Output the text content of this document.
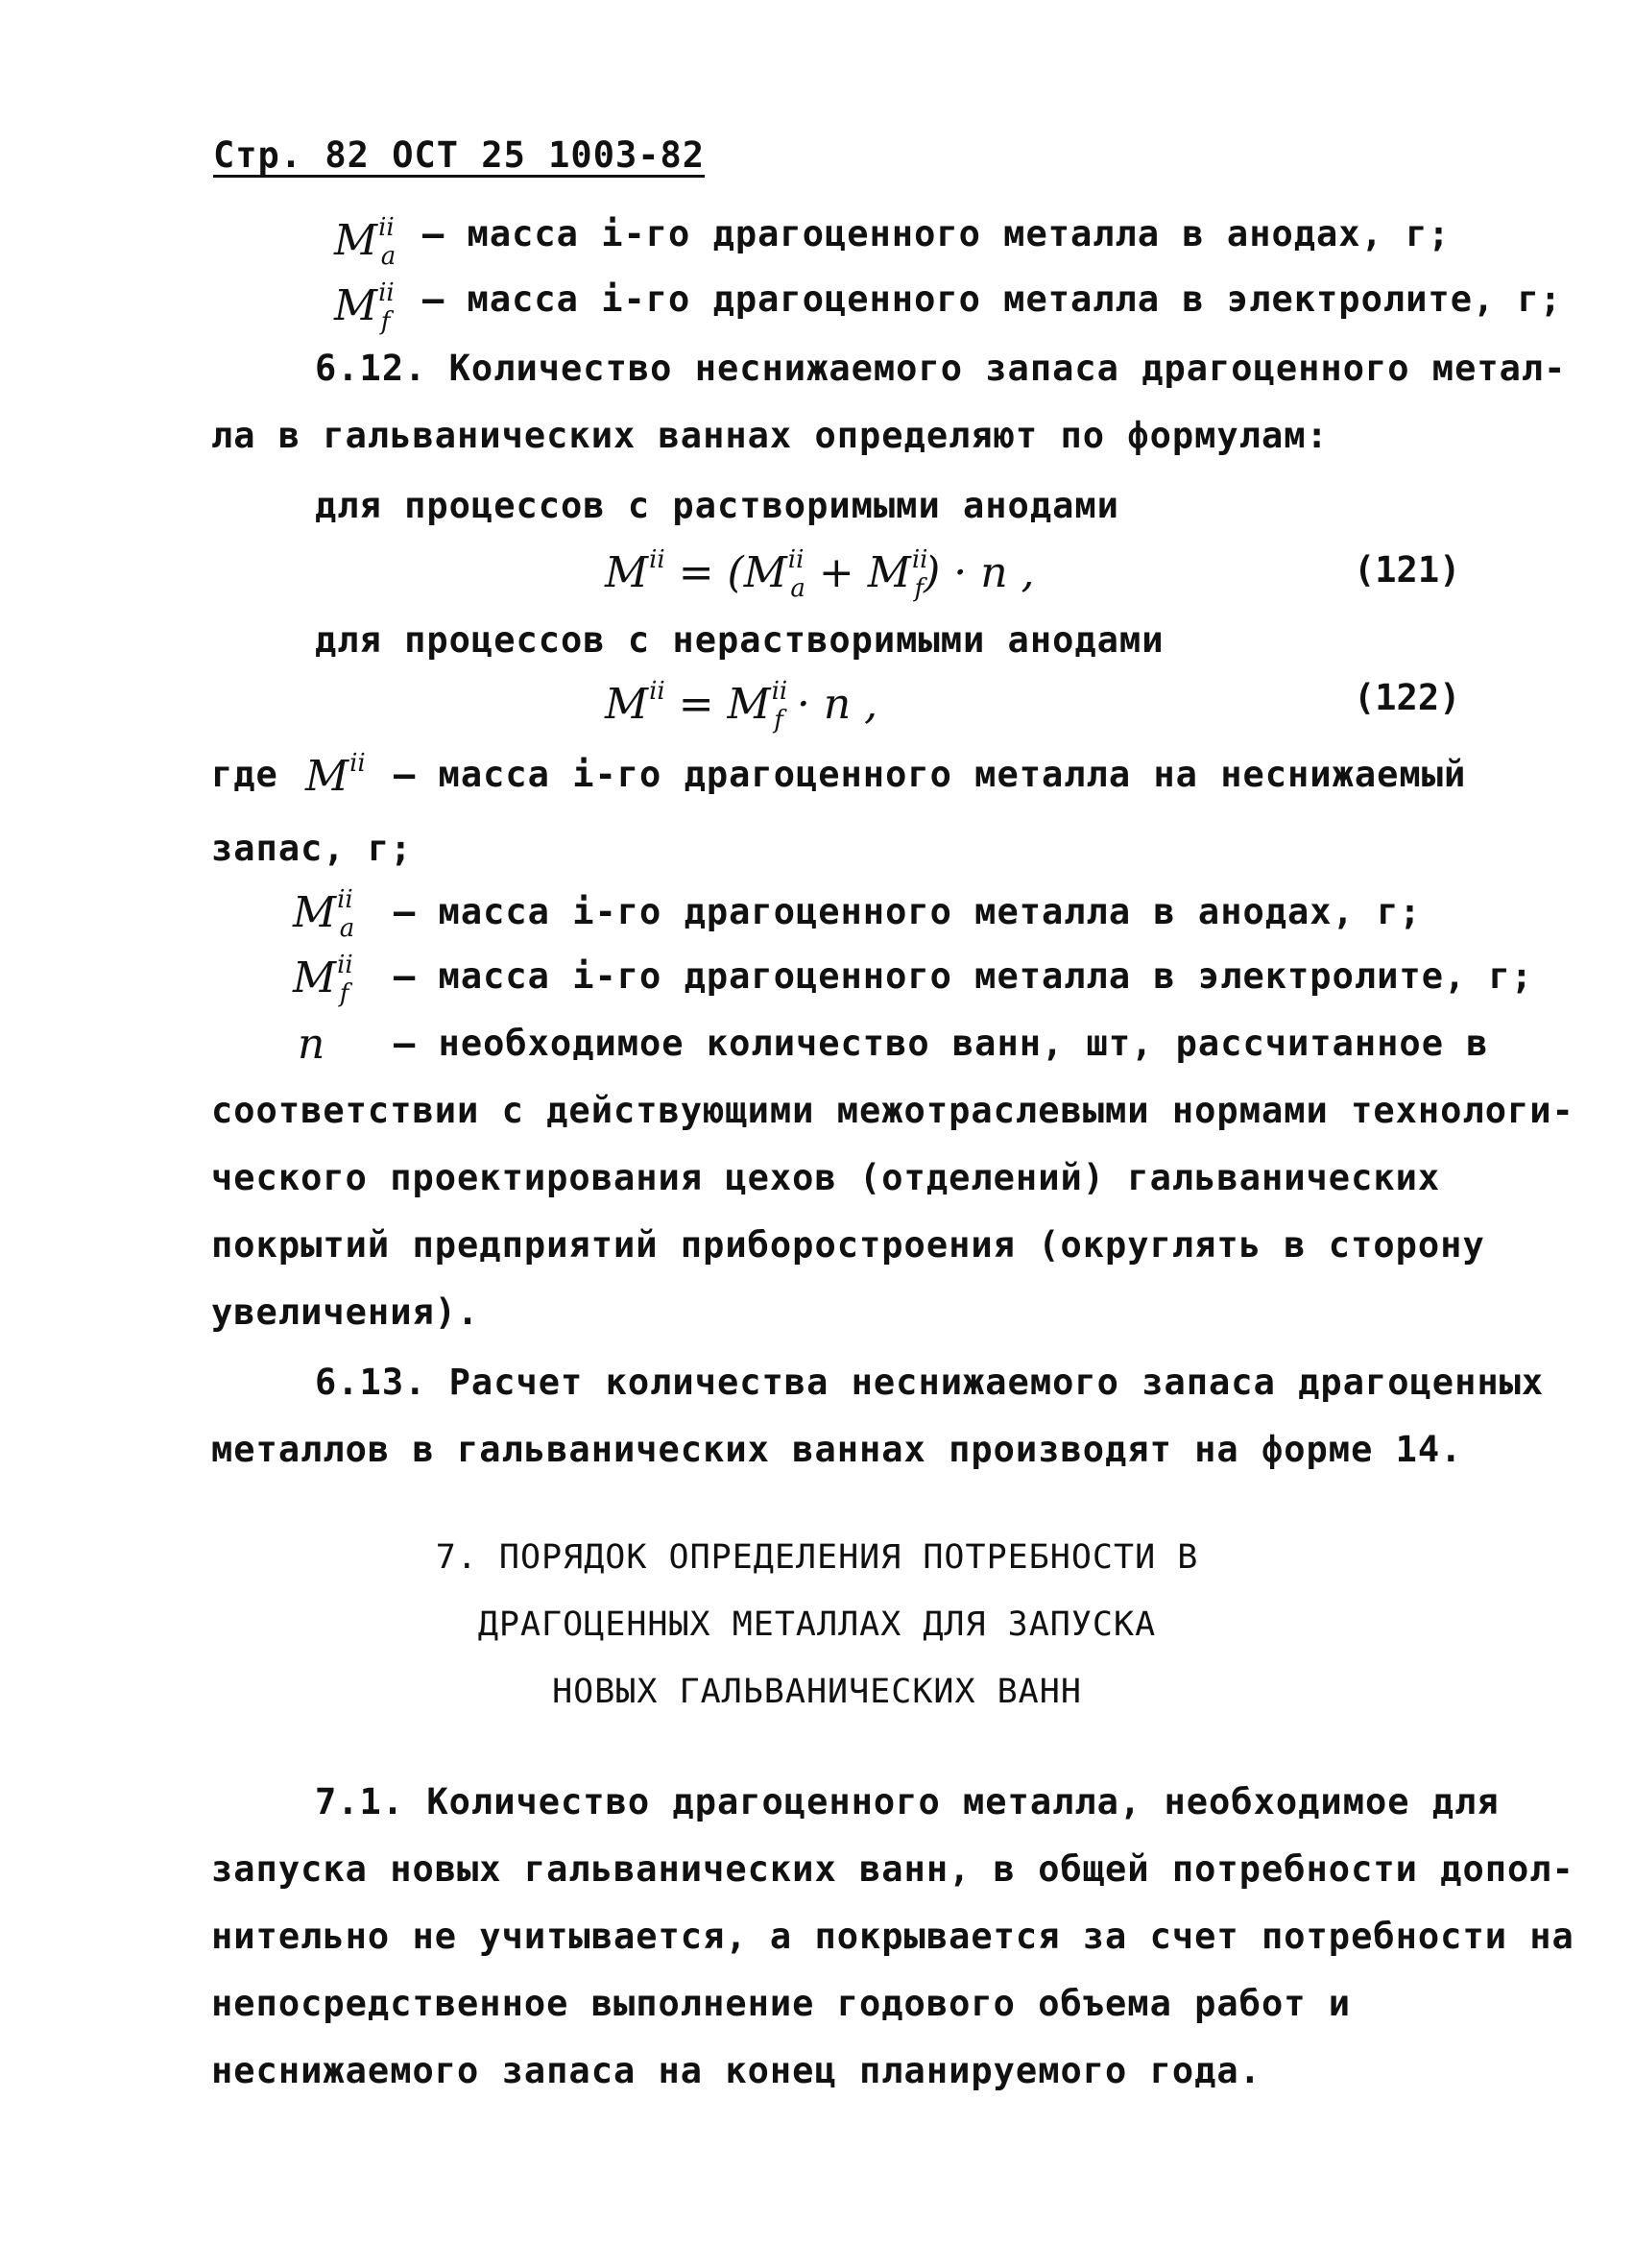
Стр. 82 ОСТ 25 1003-82
$M^{ii}_a$
– масса i-го драгоценного металла в анодах, г;
$M^{ii}_f$
– масса i-го драгоценного металла в электролите, г;
6.12. Количество неснижаемого запаса драгоценного метал-
ла в гальванических ваннах определяют по формулам:
для процессов с растворимыми анодами
$M^{ii} = (M^{ii}_a + M^{ii}_f) \cdot n$ ,	(121)
для процессов с нерастворимыми анодами
$M^{ii} = M^{ii}_f \cdot n$ ,	(122)
где $M^{ii}$ – масса i-го драгоценного металла на неснижаемый
запас, г;
$M^{ii}_a$ – масса i-го драгоценного металла в анодах, г;
$M^{ii}_f$ – масса i-го драгоценного металла в электролите, г;
n – необходимое количество ванн, шт, рассчитанное в
соответствии с действующими межотраслевыми нормами технологи-
ческого проектирования цехов (отделений) гальванических
покрытий предприятий приборостроения (округлять в сторону
увеличения).
6.13. Расчет количества неснижаемого запаса драгоценных
металлов в гальванических ваннах производят на форме 14.
7. ПОРЯДОК ОПРЕДЕЛЕНИЯ ПОТРЕБНОСТИ В
ДРАГОЦЕННЫХ МЕТАЛЛАХ ДЛЯ ЗАПУСКА
НОВЫХ ГАЛЬВАНИЧЕСКИХ ВАНН
7.1. Количество драгоценного металла, необходимое для
запуска новых гальванических ванн, в общей потребности допол-
нительно не учитывается, а покрывается за счет потребности на
непосредственное выполнение годового объема работ и
неснижаемого запаса на конец планируемого года.
